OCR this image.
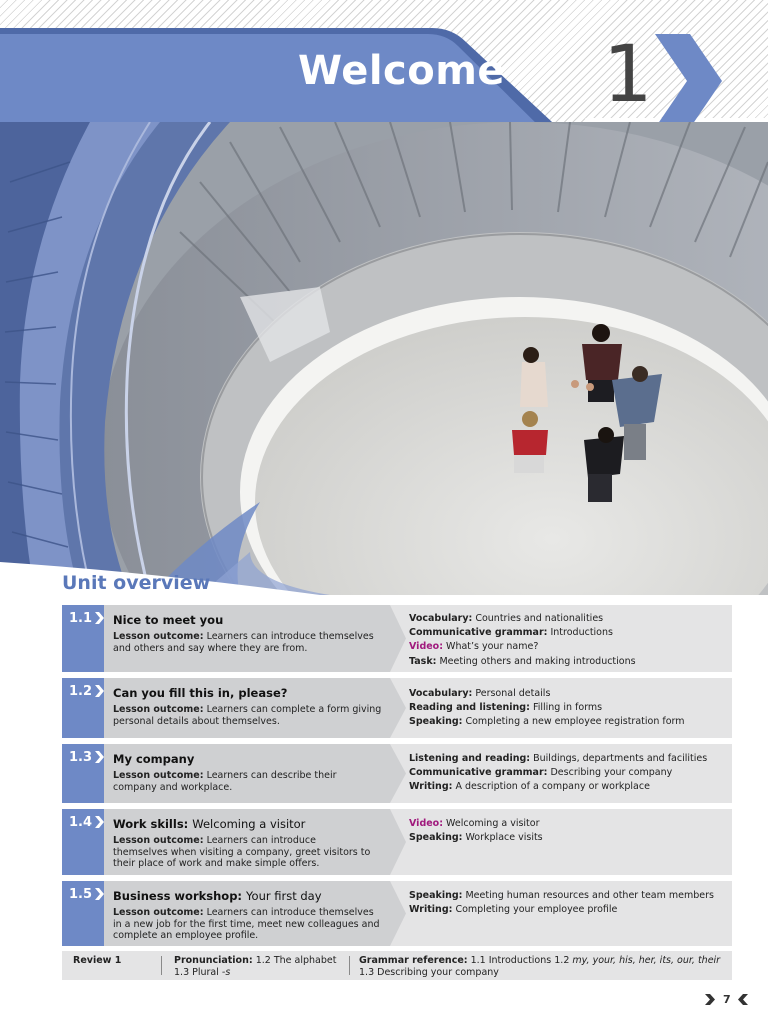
Welcome 1
Unit overview
1.1 Nice to meet you
Lesson outcome: Learners can introduce themselves and others and say where they are from.
Vocabulary: Countries and nationalities
Communicative grammar: Introductions
Video: What’s your name?
Task: Meeting others and making introductions
1.2 Can you fill this in, please?
Lesson outcome: Learners can complete a form giving personal details about themselves.
Vocabulary: Personal details
Reading and listening: Filling in forms
Speaking: Completing a new employee registration form
1.3 My company
Lesson outcome: Learners can describe their company and workplace.
Listening and reading: Buildings, departments and facilities
Communicative grammar: Describing your company
Writing: A description of a company or workplace
1.4 Work skills: Welcoming a visitor
Lesson outcome: Learners can introduce themselves when visiting a company, greet visitors to their place of work and make simple offers.
Video: Welcoming a visitor
Speaking: Workplace visits
1.5 Business workshop: Your first day
Lesson outcome: Learners can introduce themselves in a new job for the first time, meet new colleagues and complete an employee profile.
Speaking: Meeting human resources and other team members
Writing: Completing your employee profile
Review 1	Pronunciation: 1.2 The alphabet
1.3 Plural -s
Grammar reference: 1.1 Introductions 1.2 my, your, his, her, its, our, their
1.3 Describing your company
7
